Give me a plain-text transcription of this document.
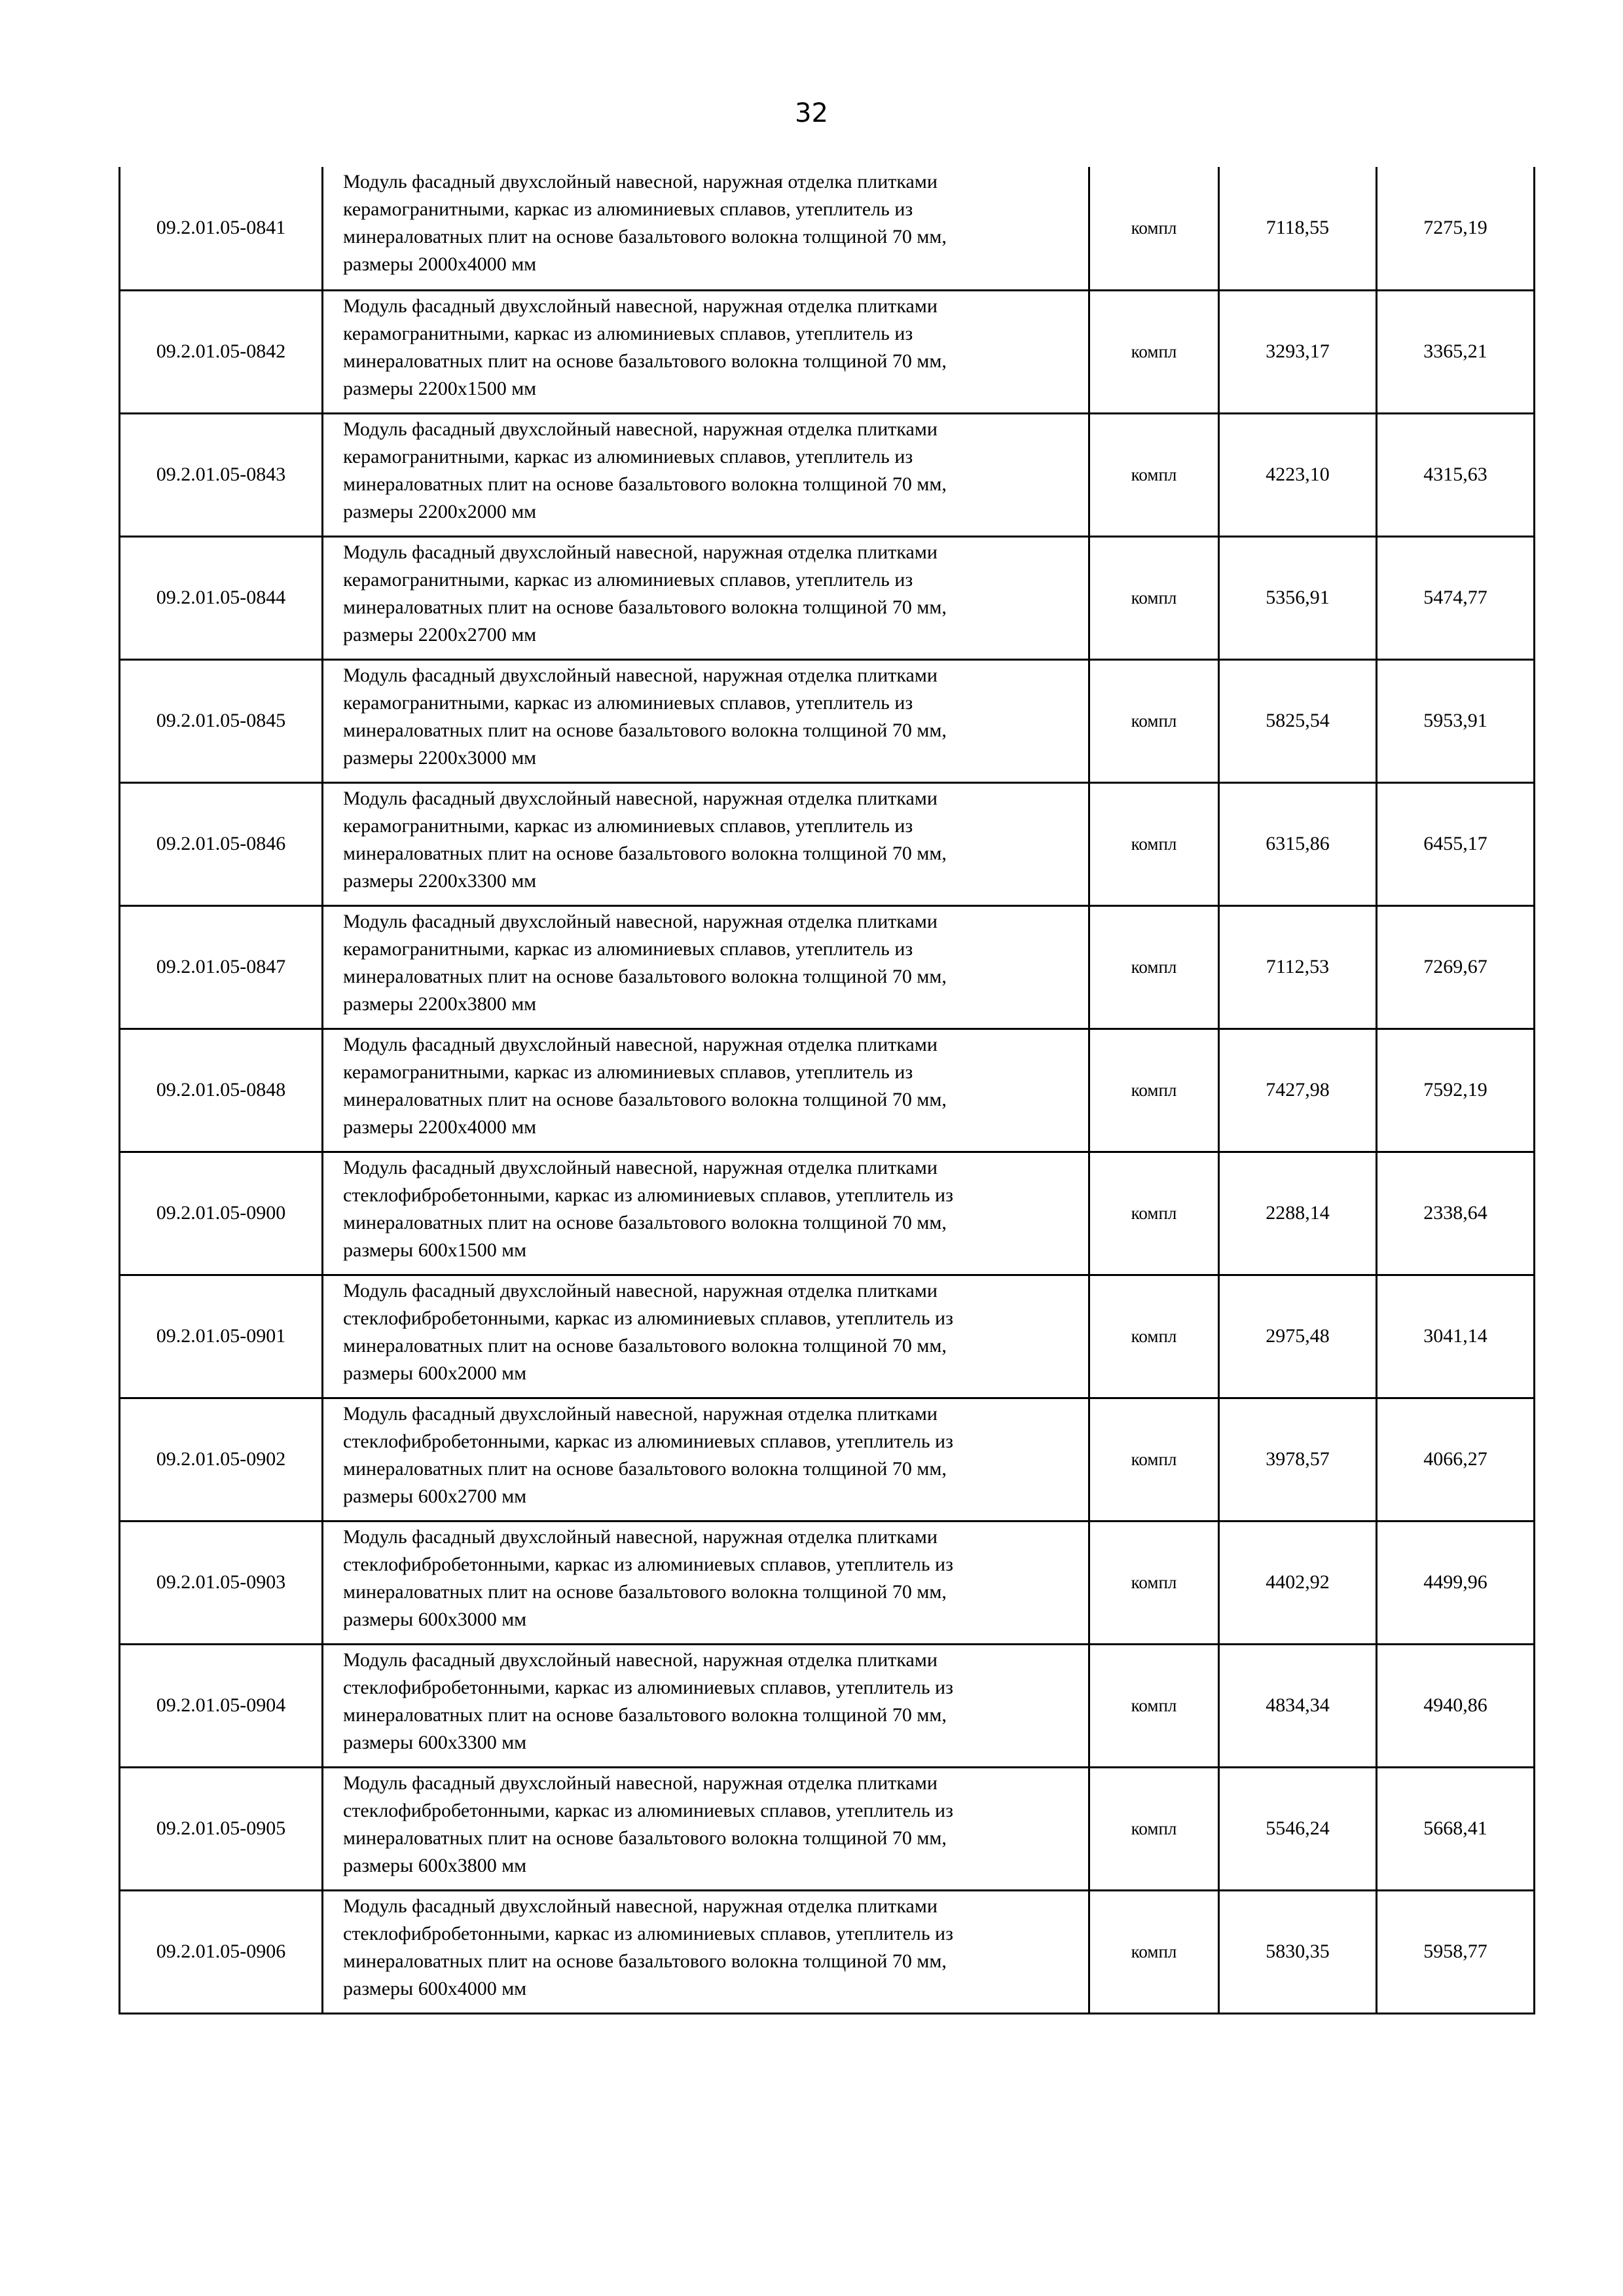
32
09.2.01.05-0841	Модуль фасадный двухслойный навесной, наружная отделка плитками
керамогранитными, каркас из алюминиевых сплавов, утеплитель из
минераловатных плит на основе базальтового волокна толщиной 70 мм,
размеры 2000х4000 мм	компл	7118,55	7275,19
09.2.01.05-0842	Модуль фасадный двухслойный навесной, наружная отделка плитками
керамогранитными, каркас из алюминиевых сплавов, утеплитель из
минераловатных плит на основе базальтового волокна толщиной 70 мм,
размеры 2200х1500 мм	компл	3293,17	3365,21
09.2.01.05-0843	Модуль фасадный двухслойный навесной, наружная отделка плитками
керамогранитными, каркас из алюминиевых сплавов, утеплитель из
минераловатных плит на основе базальтового волокна толщиной 70 мм,
размеры 2200х2000 мм	компл	4223,10	4315,63
09.2.01.05-0844	Модуль фасадный двухслойный навесной, наружная отделка плитками
керамогранитными, каркас из алюминиевых сплавов, утеплитель из
минераловатных плит на основе базальтового волокна толщиной 70 мм,
размеры 2200х2700 мм	компл	5356,91	5474,77
09.2.01.05-0845	Модуль фасадный двухслойный навесной, наружная отделка плитками
керамогранитными, каркас из алюминиевых сплавов, утеплитель из
минераловатных плит на основе базальтового волокна толщиной 70 мм,
размеры 2200х3000 мм	компл	5825,54	5953,91
09.2.01.05-0846	Модуль фасадный двухслойный навесной, наружная отделка плитками
керамогранитными, каркас из алюминиевых сплавов, утеплитель из
минераловатных плит на основе базальтового волокна толщиной 70 мм,
размеры 2200х3300 мм	компл	6315,86	6455,17
09.2.01.05-0847	Модуль фасадный двухслойный навесной, наружная отделка плитками
керамогранитными, каркас из алюминиевых сплавов, утеплитель из
минераловатных плит на основе базальтового волокна толщиной 70 мм,
размеры 2200х3800 мм	компл	7112,53	7269,67
09.2.01.05-0848	Модуль фасадный двухслойный навесной, наружная отделка плитками
керамогранитными, каркас из алюминиевых сплавов, утеплитель из
минераловатных плит на основе базальтового волокна толщиной 70 мм,
размеры 2200х4000 мм	компл	7427,98	7592,19
09.2.01.05-0900	Модуль фасадный двухслойный навесной, наружная отделка плитками
стеклофибробетонными, каркас из алюминиевых сплавов, утеплитель из
минераловатных плит на основе базальтового волокна толщиной 70 мм,
размеры 600х1500 мм	компл	2288,14	2338,64
09.2.01.05-0901	Модуль фасадный двухслойный навесной, наружная отделка плитками
стеклофибробетонными, каркас из алюминиевых сплавов, утеплитель из
минераловатных плит на основе базальтового волокна толщиной 70 мм,
размеры 600х2000 мм	компл	2975,48	3041,14
09.2.01.05-0902	Модуль фасадный двухслойный навесной, наружная отделка плитками
стеклофибробетонными, каркас из алюминиевых сплавов, утеплитель из
минераловатных плит на основе базальтового волокна толщиной 70 мм,
размеры 600х2700 мм	компл	3978,57	4066,27
09.2.01.05-0903	Модуль фасадный двухслойный навесной, наружная отделка плитками
стеклофибробетонными, каркас из алюминиевых сплавов, утеплитель из
минераловатных плит на основе базальтового волокна толщиной 70 мм,
размеры 600х3000 мм	компл	4402,92	4499,96
09.2.01.05-0904	Модуль фасадный двухслойный навесной, наружная отделка плитками
стеклофибробетонными, каркас из алюминиевых сплавов, утеплитель из
минераловатных плит на основе базальтового волокна толщиной 70 мм,
размеры 600х3300 мм	компл	4834,34	4940,86
09.2.01.05-0905	Модуль фасадный двухслойный навесной, наружная отделка плитками
стеклофибробетонными, каркас из алюминиевых сплавов, утеплитель из
минераловатных плит на основе базальтового волокна толщиной 70 мм,
размеры 600х3800 мм	компл	5546,24	5668,41
09.2.01.05-0906	Модуль фасадный двухслойный навесной, наружная отделка плитками
стеклофибробетонными, каркас из алюминиевых сплавов, утеплитель из
минераловатных плит на основе базальтового волокна толщиной 70 мм,
размеры 600х4000 мм	компл	5830,35	5958,77
